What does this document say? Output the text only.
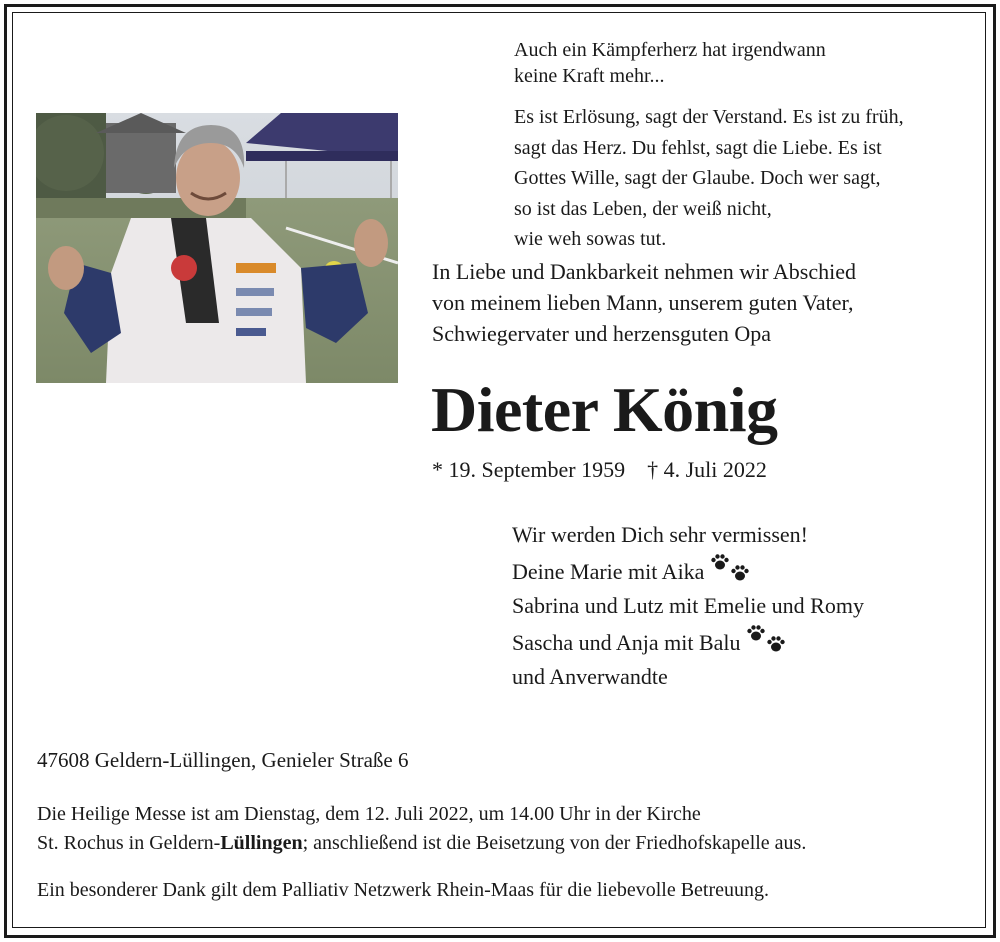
Auch ein Kämpferherz hat irgendwann
keine Kraft mehr...
Es ist Erlösung, sagt der Verstand. Es ist zu früh,
sagt das Herz. Du fehlst, sagt die Liebe. Es ist
Gottes Wille, sagt der Glaube. Doch wer sagt,
so ist das Leben, der weiß nicht,
wie weh sowas tut.
In Liebe und Dankbarkeit nehmen wir Abschied
von meinem lieben Mann, unserem guten Vater,
Schwiegervater und herzensguten Opa
Dieter König
* 19. September 1959 † 4. Juli 2022
Wir werden Dich sehr vermissen!
Deine Marie mit Aika
Sabrina und Lutz mit Emelie und Romy
Sascha und Anja mit Balu
und Anverwandte
47608 Geldern-Lüllingen, Genieler Straße 6
Die Heilige Messe ist am Dienstag, dem 12. Juli 2022, um 14.00 Uhr in der Kirche
St. Rochus in Geldern-Lüllingen; anschließend ist die Beisetzung von der Friedhofskapelle aus.
Ein besonderer Dank gilt dem Palliativ Netzwerk Rhein-Maas für die liebevolle Betreuung.
